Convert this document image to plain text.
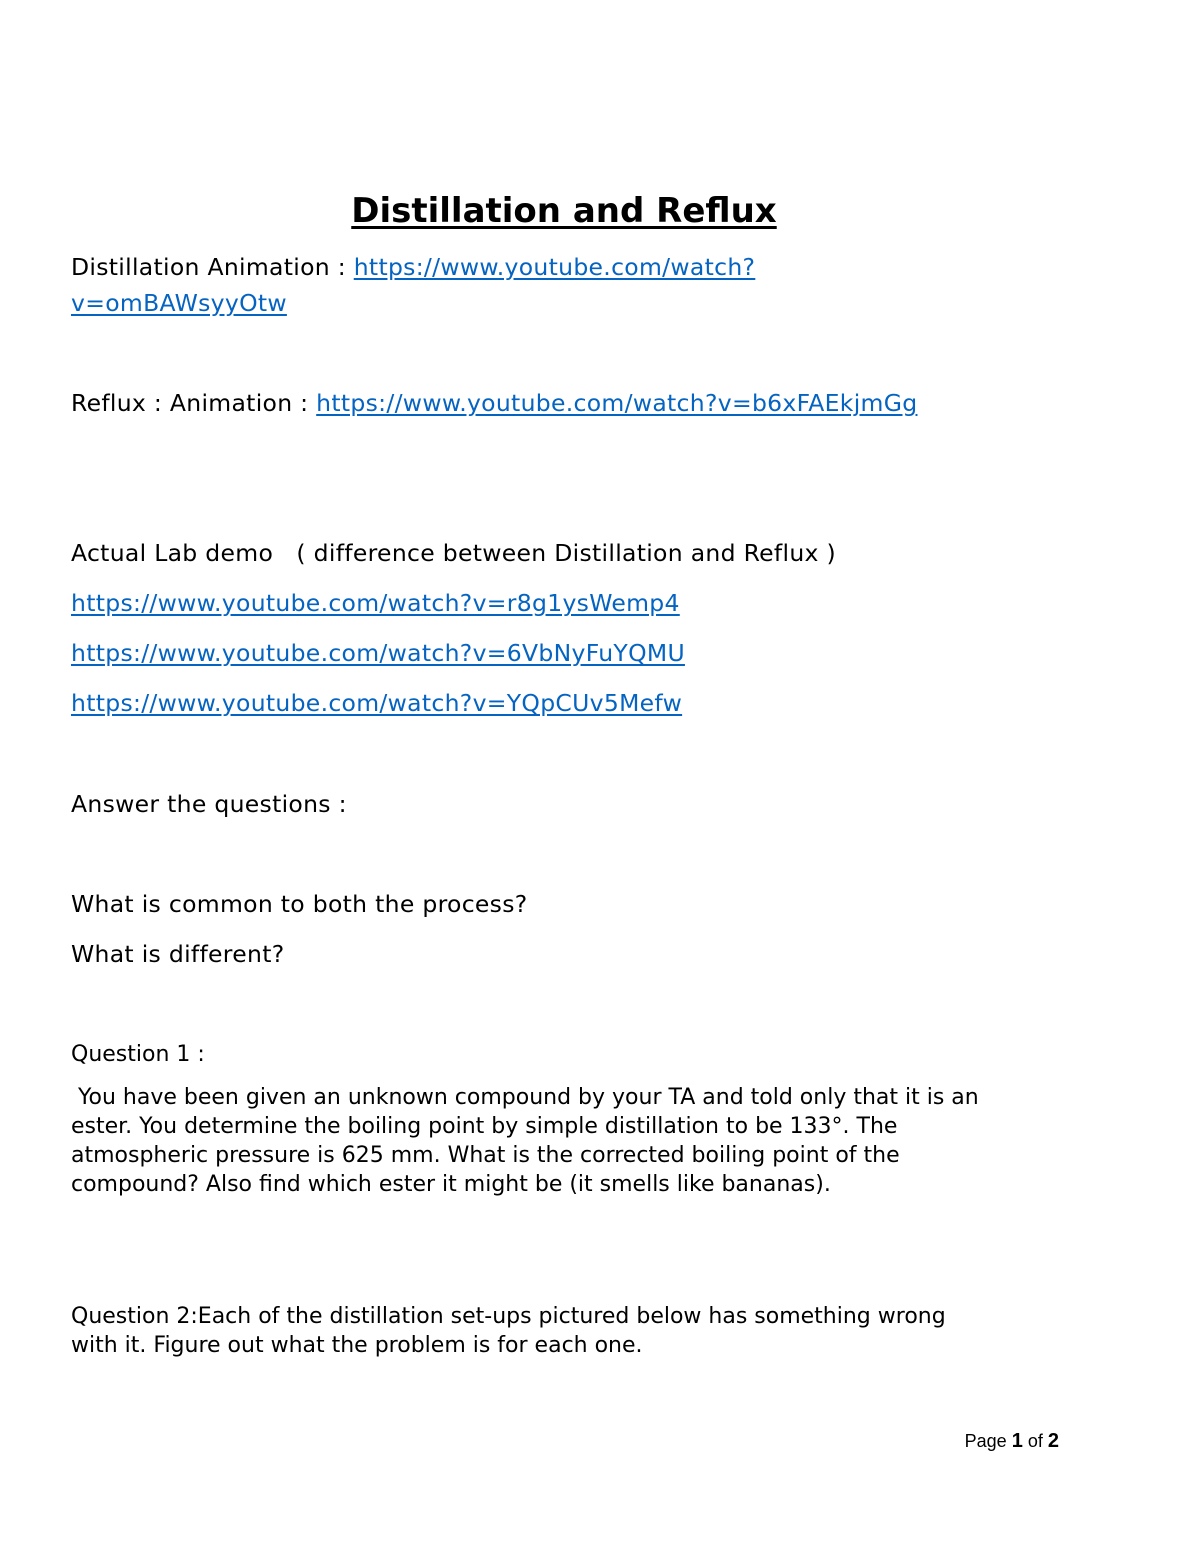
Distillation and Reflux
Distillation Animation : https://www.youtube.com/watch?
v=omBAWsyyOtw
Reflux : Animation : https://www.youtube.com/watch?v=b6xFAEkjmGg
Actual Lab demo   ( difference between Distillation and Reflux )
https://www.youtube.com/watch?v=r8g1ysWemp4
https://www.youtube.com/watch?v=6VbNyFuYQMU
https://www.youtube.com/watch?v=YQpCUv5Mefw
Answer the questions :
What is common to both the process?
What is different?
Question 1 :
You have been given an unknown compound by your TA and told only that it is an
ester. You determine the boiling point by simple distillation to be 133°. The
atmospheric pressure is 625 mm. What is the corrected boiling point of the
compound? Also find which ester it might be (it smells like bananas).
Question 2:Each of the distillation set-ups pictured below has something wrong
with it. Figure out what the problem is for each one.
Page 1 of 2
